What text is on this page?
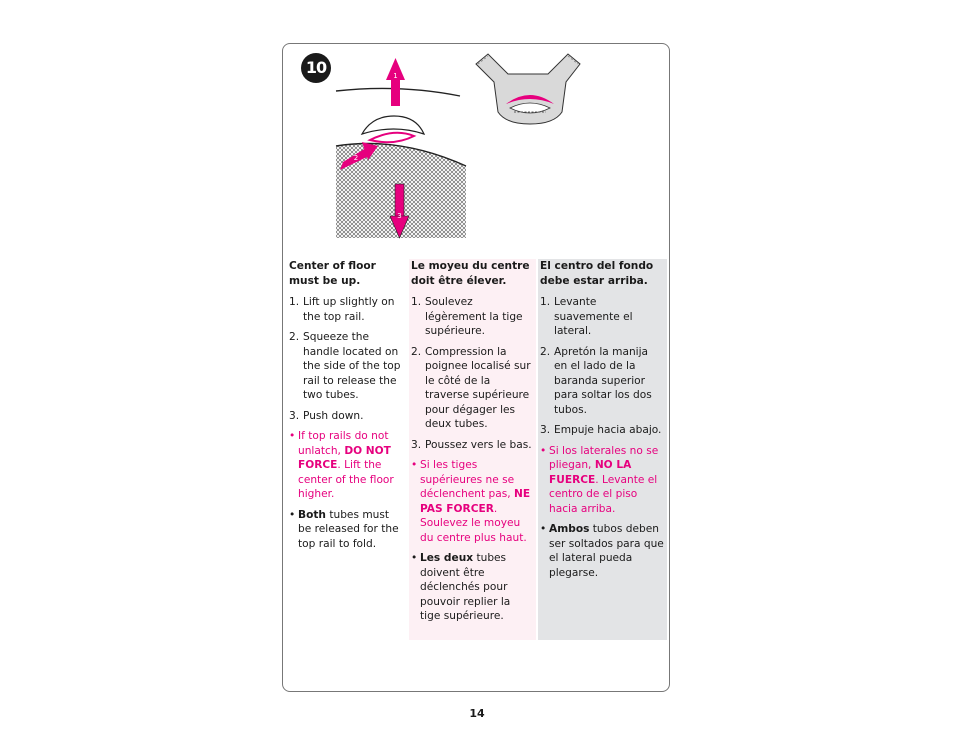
10	1
2
3
Center of floor must be up.
1. Lift up slightly on the top rail.
2. Squeeze the handle located on the side of the top rail to release the two tubes.
3. Push down.
• If top rails do not unlatch, DO NOT FORCE. Lift the center of the floor higher.
• Both tubes must be released for the top rail to fold.
Le moyeu du centre doit être élever.
1. Soulevez légèrement la tige supérieure.
2. Compression la poignee localisé sur le côté de la traverse supérieure pour dégager les deux tubes.
3. Poussez vers le bas.
• Si les tiges supérieures ne se déclenchent pas, NE PAS FORCER. Soulevez le moyeu du centre plus haut.
• Les deux tubes doivent être déclenchés pour pouvoir replier la tige supérieure.
El centro del fondo debe estar arriba.
1. Levante suavemente el lateral.
2. Apretón la manija en el lado de la baranda superior para soltar los dos tubos.
3. Empuje hacia abajo.
• Si los laterales no se pliegan, NO LA FUERCE. Levante el centro de el piso hacia arriba.
• Ambos tubos deben ser soltados para que el lateral pueda plegarse.
14
